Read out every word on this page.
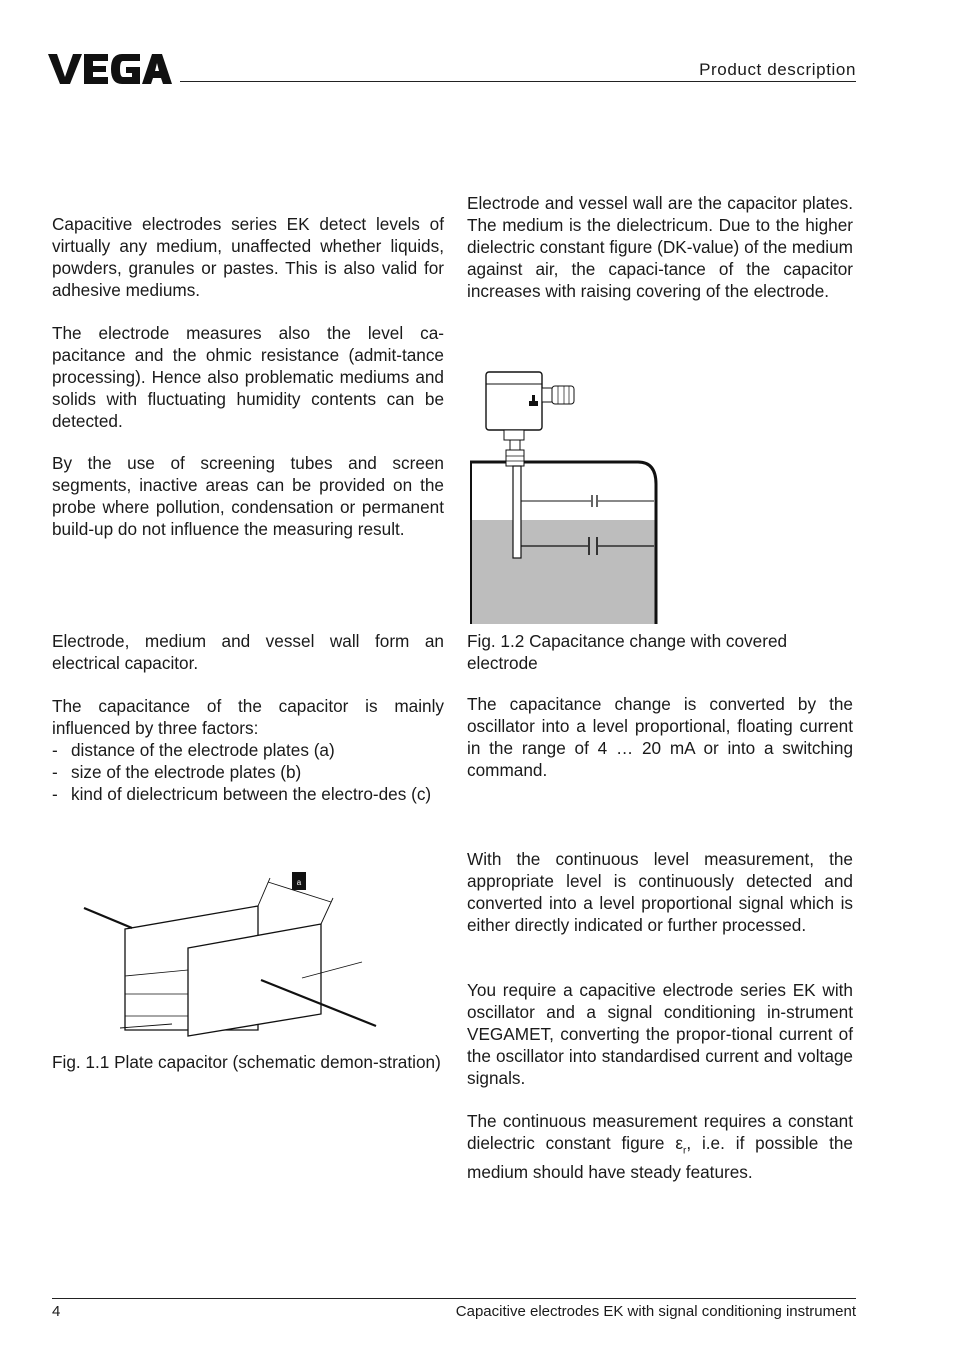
Product description

Capacitive electrodes series EK detect levels of virtually any medium, unaffected whether liquids, powders, granules or pastes. This is also valid for adhesive mediums.

The electrode measures also the level ca-pacitance and the ohmic resistance (admit-tance processing). Hence also problematic mediums and solids with fluctuating humidity contents can be detected.

By the use of screening tubes and screen segments, inactive areas can be provided on the probe where pollution, condensation or permanent build-up do not influence the measuring result.

Electrode, medium and vessel wall form an electrical capacitor.

The capacitance of the capacitor is mainly influenced by three factors:

- distance of the electrode plates (a)
- size of the electrode plates (b)
- kind of dielectricum between the electro-des (c)
a

Fig. 1.1 Plate capacitor (schematic demon-stration)

Electrode and vessel wall are the capacitor plates. The medium is the dielectricum. Due to the higher dielectric constant figure (DK-value) of the medium against air, the capaci-tance of the capacitor increases with raising covering of the electrode.

Fig. 1.2 Capacitance change with covered electrode

The capacitance change is converted by the oscillator into a level proportional, floating current in the range of 4 … 20 mA or into a switching command.

With the continuous level measurement, the appropriate level is continuously detected and converted into a level proportional signal which is either directly indicated or further processed.

You require a capacitive electrode series EK with oscillator and a signal conditioning in-strument VEGAMET, converting the propor-tional current of the oscillator into standardised current and voltage signals.

The continuous measurement requires a constant dielectric constant figure $\varepsilon_r$, i.e. if possible the medium should have steady features.

4	Capacitive electrodes EK with signal conditioning instrument
